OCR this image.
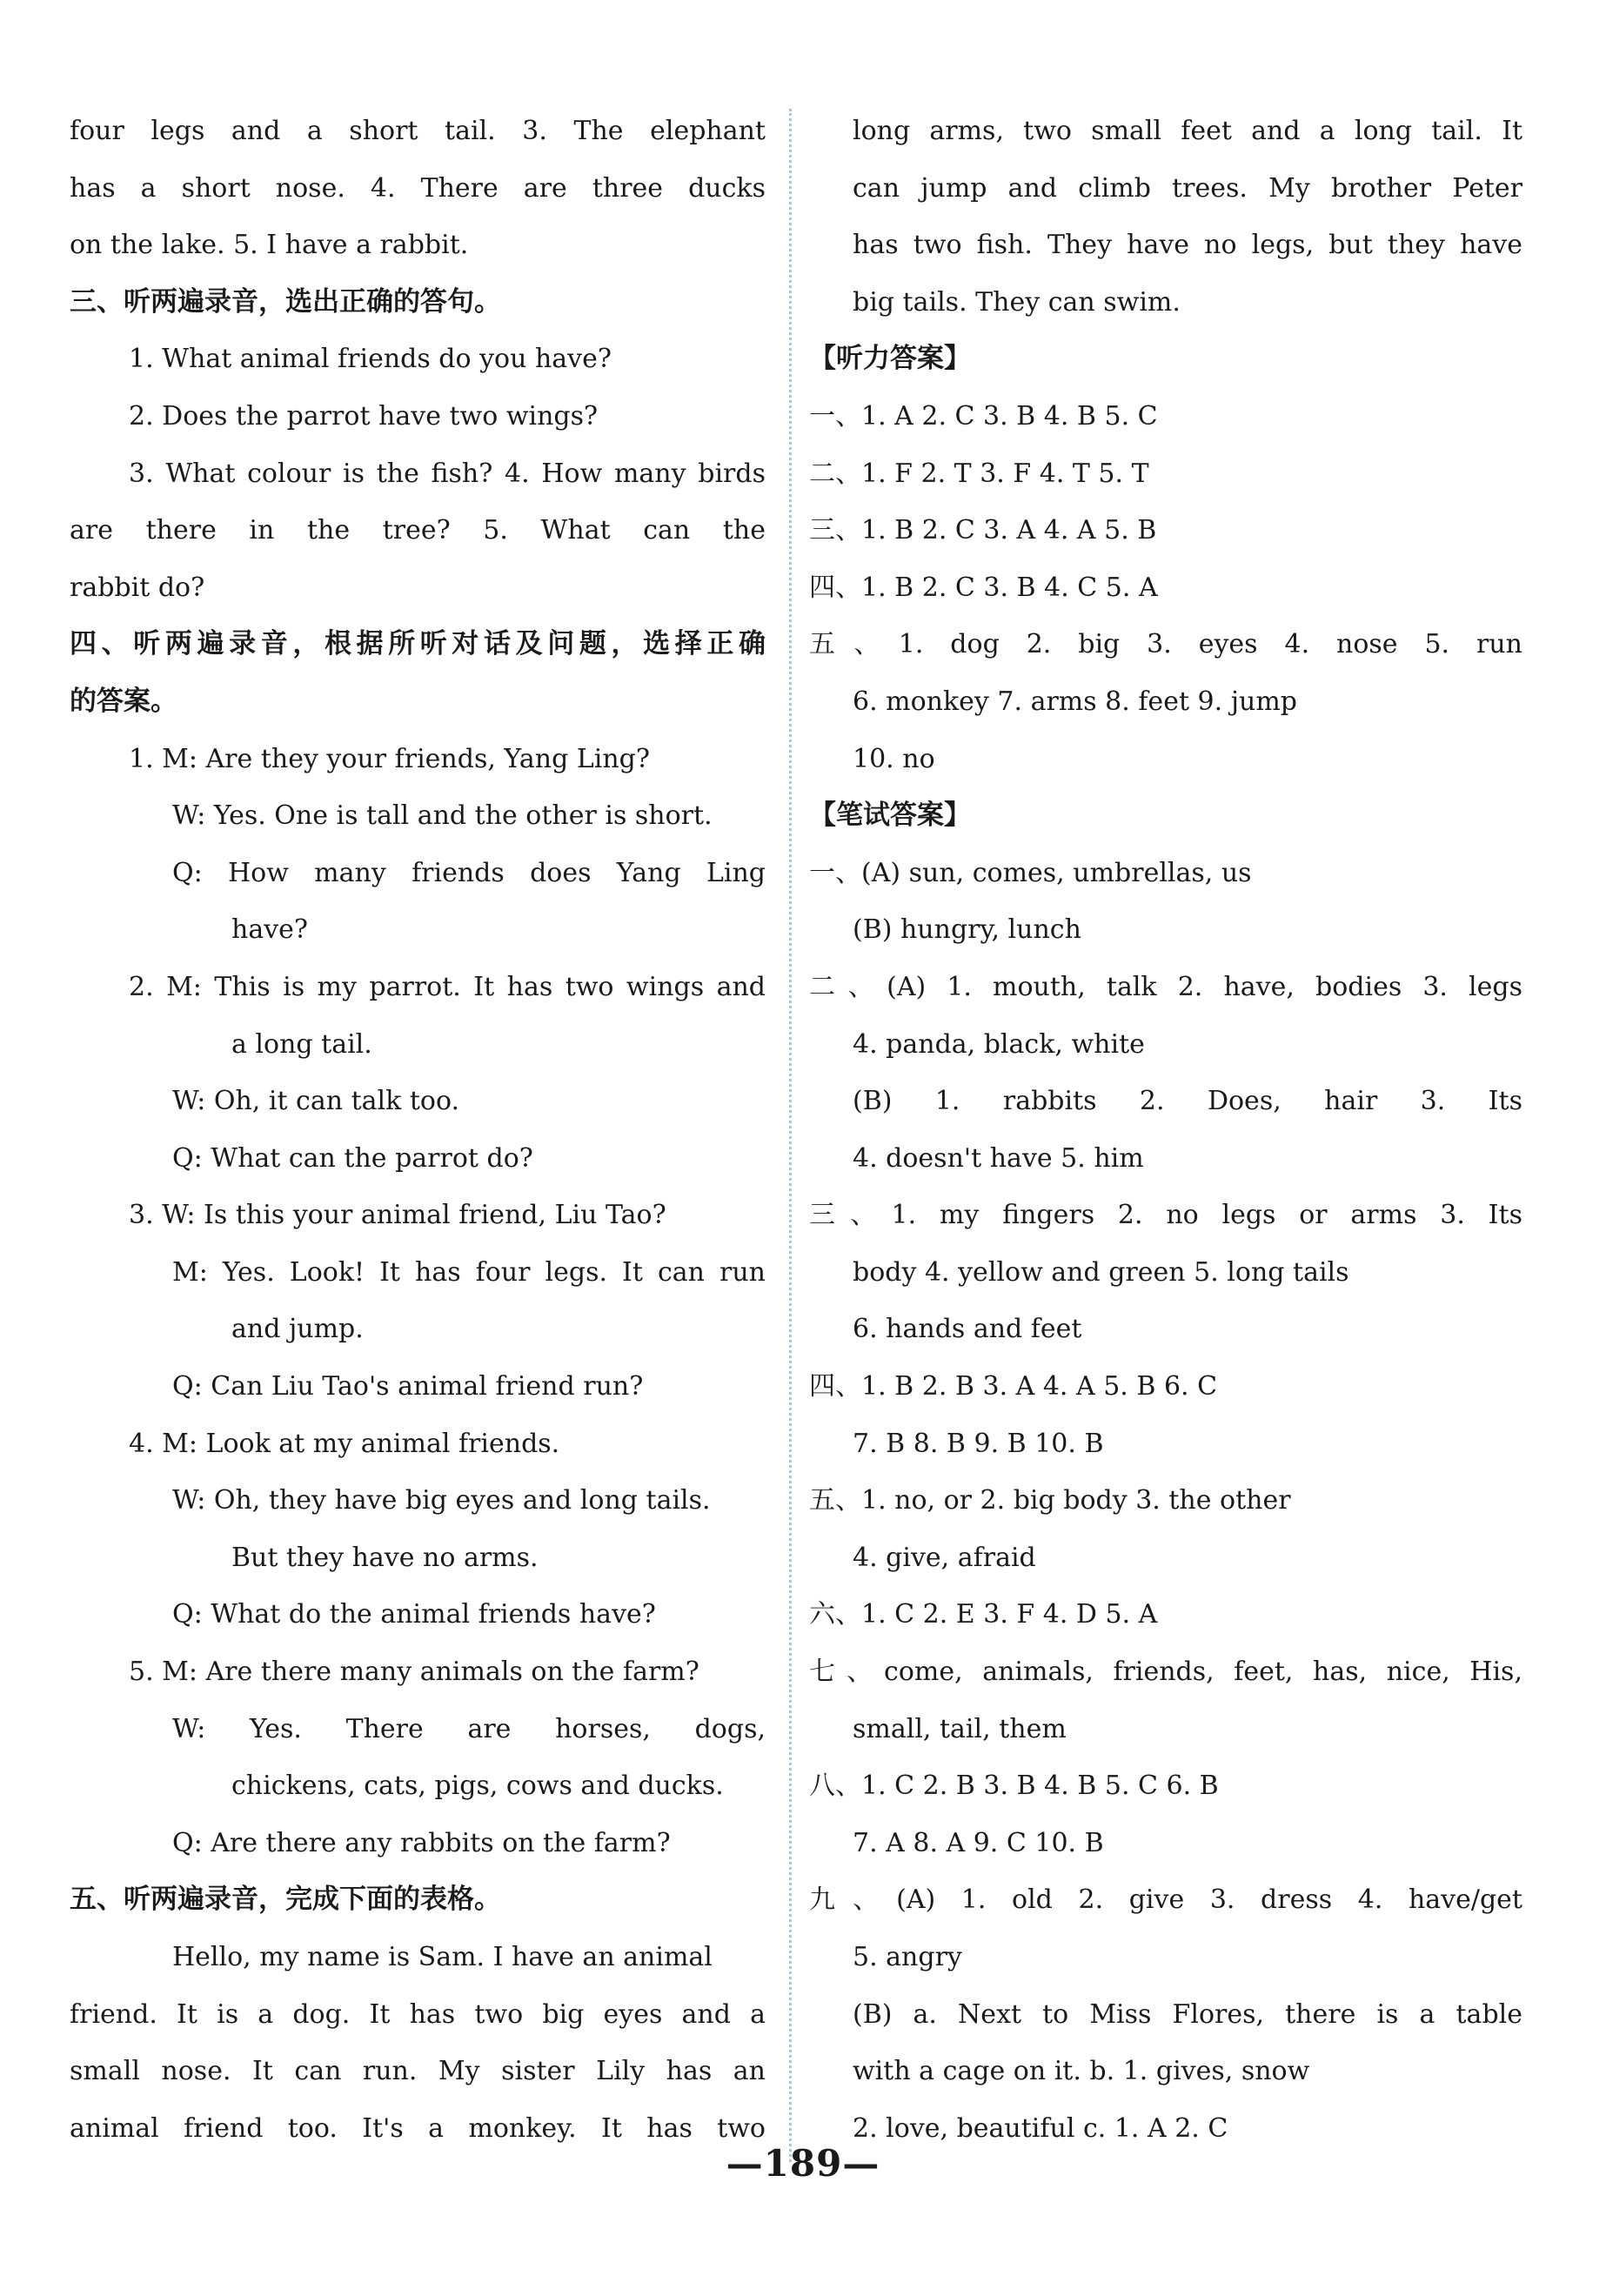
four legs and a short tail. 3. The elephant
has a short nose. 4. There are three ducks
on the lake. 5. I have a rabbit.
三、听两遍录音，选出正确的答句。
1. What animal friends do you have?
2. Does the parrot have two wings?
3. What colour is the fish? 4. How many birds
are there in the tree? 5. What can the
rabbit do?
四、听两遍录音，根据所听对话及问题，选择正确
的答案。
1. M: Are they your friends, Yang Ling?
W: Yes. One is tall and the other is short.
Q: How many friends does Yang Ling
have?
2. M: This is my parrot. It has two wings and
a long tail.
W: Oh, it can talk too.
Q: What can the parrot do?
3. W: Is this your animal friend, Liu Tao?
M: Yes. Look! It has four legs. It can run
and jump.
Q: Can Liu Tao's animal friend run?
4. M: Look at my animal friends.
W: Oh, they have big eyes and long tails.
But they have no arms.
Q: What do the animal friends have?
5. M: Are there many animals on the farm?
W: Yes. There are horses, dogs,
chickens, cats, pigs, cows and ducks.
Q: Are there any rabbits on the farm?
五、听两遍录音，完成下面的表格。
Hello, my name is Sam. I have an animal
friend. It is a dog. It has two big eyes and a
small nose. It can run. My sister Lily has an
animal friend too. It's a monkey. It has two
long arms, two small feet and a long tail. It
can jump and climb trees. My brother Peter
has two fish. They have no legs, but they have
big tails. They can swim.
【听力答案】
一、1. A 2. C 3. B 4. B 5. C
二、1. F 2. T 3. F 4. T 5. T
三、1. B 2. C 3. A 4. A 5. B
四、1. B 2. C 3. B 4. C 5. A
五、1. dog 2. big 3. eyes 4. nose 5. run
6. monkey 7. arms 8. feet 9. jump
10. no
【笔试答案】
一、(A) sun, comes, umbrellas, us
(B) hungry, lunch
二、(A) 1. mouth, talk 2. have, bodies 3. legs
4. panda, black, white
(B) 1. rabbits 2. Does, hair 3. Its
4. doesn't have 5. him
三、1. my fingers 2. no legs or arms 3. Its
body 4. yellow and green 5. long tails
6. hands and feet
四、1. B 2. B 3. A 4. A 5. B 6. C
7. B 8. B 9. B 10. B
五、1. no, or 2. big body 3. the other
4. give, afraid
六、1. C 2. E 3. F 4. D 5. A
七、come, animals, friends, feet, has, nice, His,
small, tail, them
八、1. C 2. B 3. B 4. B 5. C 6. B
7. A 8. A 9. C 10. B
九、(A) 1. old 2. give 3. dress 4. have/get
5. angry
(B) a. Next to Miss Flores, there is a table
with a cage on it. b. 1. gives, snow
2. love, beautiful c. 1. A 2. C
—189—
